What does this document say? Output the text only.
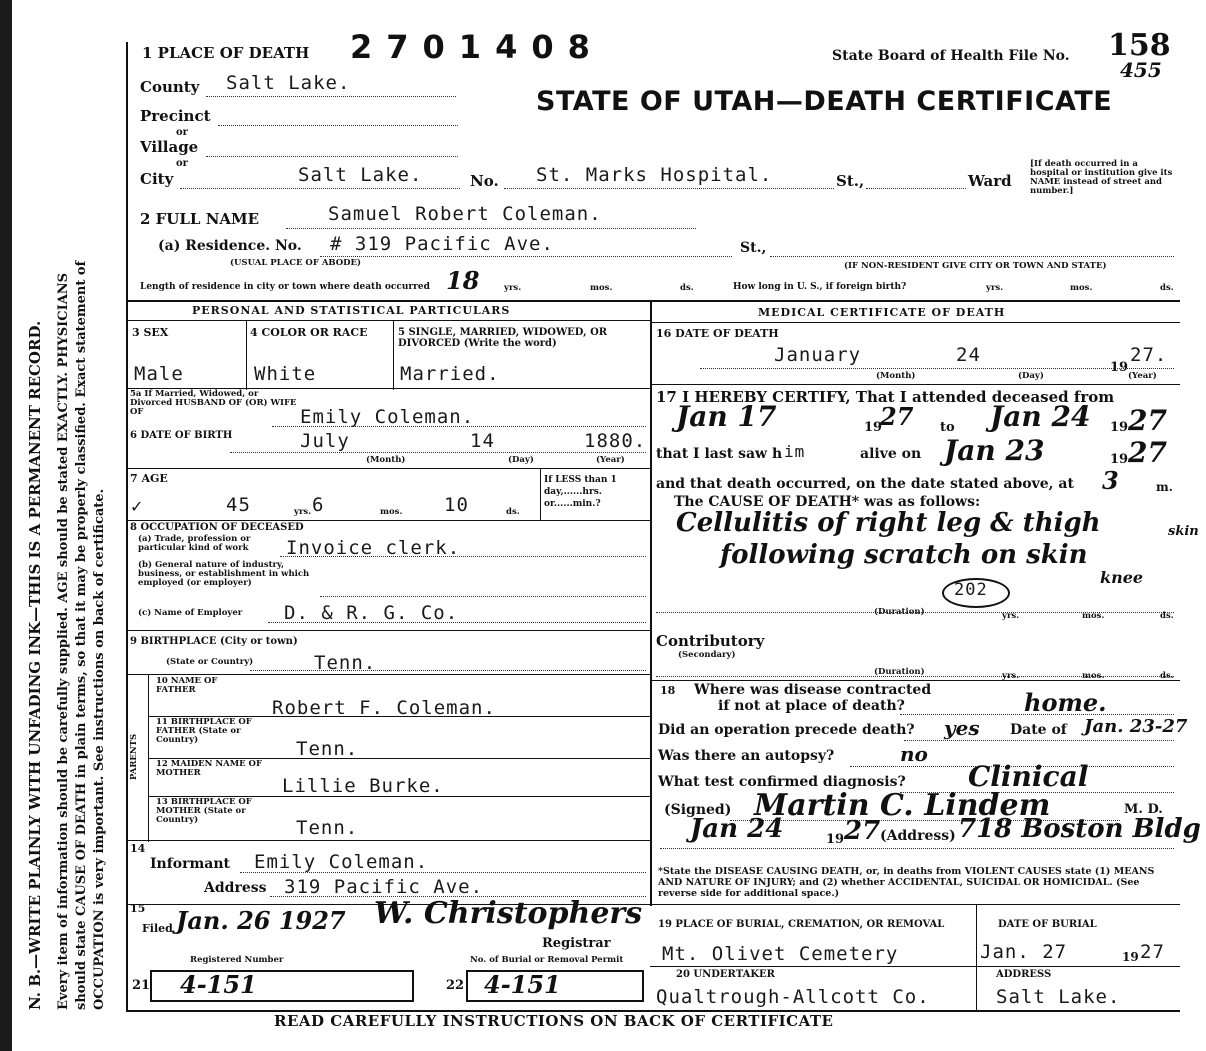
N. B.—WRITE PLAINLY WITH UNFADING INK—THIS IS A PERMANENT RECORD. Every item of information should be carefully supplied. AGE should be stated EXACTLY. PHYSICIANS should state CAUSE OF DEATH in plain terms, so that it may be properly classified. Exact statement of OCCUPATION is very important. See instructions on back of certificate.
1 PLACE OF DEATH 2701408	State Board of Health File No. 158
455
STATE OF UTAH—DEATH CERTIFICATE
County Salt Lake.
Precinct
or
Village
or
City	Salt Lake.	No. St. Marks Hospital.	St.,	Ward
[If death occurred in a hospital or institution give its NAME instead of street and number.]
2 FULL NAME	Samuel Robert Coleman.
(a) Residence. No. # 319 Pacific Ave.	St.,
(USUAL PLACE OF ABODE)	(IF NON-RESIDENT GIVE CITY OR TOWN AND STATE)
Length of residence in city or town where death occurred 18	yrs.	mos.	ds.	How long in U. S., if foreign birth?	yrs.	mos.	ds.
PERSONAL AND STATISTICAL PARTICULARS
3 SEX
Male
4 COLOR OR RACE
White
5 SINGLE, MARRIED, WIDOWED, OR DIVORCED (Write the word)
Married.
5a If Married, Widowed, or Divorced HUSBAND OF (OR) WIFE OF	Emily Coleman.
6 DATE OF BIRTH	July	14	1880.
(Month)	(Day)	(Year)
7 AGE
✓	45	yrs. 6	mos. 10	ds.
If LESS than 1 day,......hrs. or......min.?
8 OCCUPATION OF DECEASED
(a) Trade, profession or particular kind of work	Invoice clerk.
(b) General nature of industry, business, or establishment in which employed (or employer)
(c) Name of Employer D. & R. G. Co.
9 BIRTHPLACE (City or town)
(State or Country)	Tenn.
PARENTS
10 NAME OF FATHER
Robert F. Coleman.
11 BIRTHPLACE OF FATHER (State or Country)	Tenn.
12 MAIDEN NAME OF MOTHER
Lillie Burke.
13 BIRTHPLACE OF MOTHER (State or Country)	Tenn.
14
Informant Emily Coleman.
Address 319 Pacific Ave.
15
Filed Jan. 26 1927 W. Christophers
Registrar
Registered Number	No. of Burial or Removal Permit
21 4-151	22 4-151
MEDICAL CERTIFICATE OF DEATH
16 DATE OF DEATH
January	24
19
27.
(Month)	(Day)	(Year)
17 I HEREBY CERTIFY, That I attended deceased from
Jan 17	19
27 to Jan 24 19 27
that I last saw h im	alive on Jan 23	19 27
and that death occurred, on the date stated above, at 3	m.
The CAUSE OF DEATH* was as follows:
Cellulitis of right leg & thigh
following scratch on skin
skin
knee
202
(Duration)	yrs.	mos.	ds.
Contributory
(Secondary)
(Duration)	yrs.	mos.	ds.
18 Where was disease contracted
if not at place of death?	home.
Did an operation precede death? yes Date of Jan. 23-27
Was there an autopsy?	no
What test confirmed diagnosis? Clinical
(Signed) Martin C. Lindem	M. D.
Jan 24	19 27 (Address) 718 Boston Bldg
*State the DISEASE CAUSING DEATH, or, in deaths from VIOLENT CAUSES state (1) MEANS AND NATURE OF INJURY; and (2) whether ACCIDENTAL, SUICIDAL OR HOMICIDAL. (See reverse side for additional space.)
19 PLACE OF BURIAL, CREMATION, OR REMOVAL
Mt. Olivet Cemetery
DATE OF BURIAL
Jan. 27	19 27
20 UNDERTAKER
Qualtrough-Allcott Co.
ADDRESS
Salt Lake.
READ CAREFULLY INSTRUCTIONS ON BACK OF CERTIFICATE
